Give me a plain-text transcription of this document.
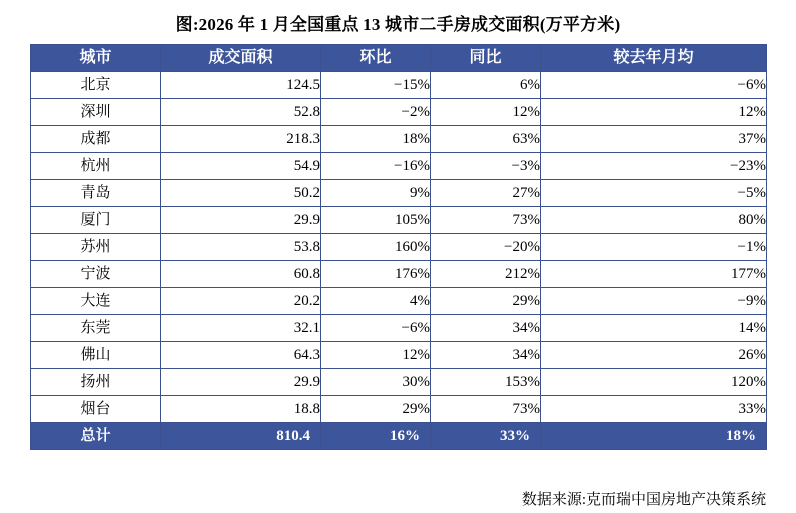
图:2026 年 1 月全国重点 13 城市二手房成交面积(万平方米)
城市	成交面积	环比	同比	较去年月均
北京	124.5	−15%	6%	−6%
深圳	52.8	−2%	12%	12%
成都	218.3	18%	63%	37%
杭州	54.9	−16%	−3%	−23%
青岛	50.2	9%	27%	−5%
厦门	29.9	105%	73%	80%
苏州	53.8	160%	−20%	−1%
宁波	60.8	176%	212%	177%
大连	20.2	4%	29%	−9%
东莞	32.1	−6%	34%	14%
佛山	64.3	12%	34%	26%
扬州	29.9	30%	153%	120%
烟台	18.8	29%	73%	33%
总计	810.4	16%	33%	18%
数据来源:克而瑞中国房地产决策系统
